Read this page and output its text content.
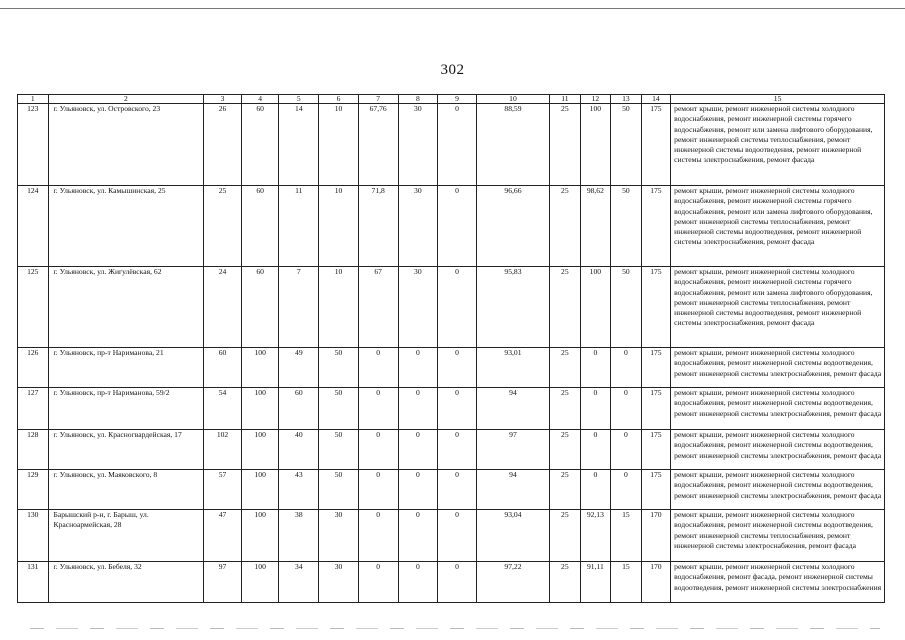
302
1	2	3	4	5	6	7	8	9	10	11	12	13	14	15
123	г. Ульяновск, ул. Островского, 23	26	60	14	10	67,76	30	0	88,59	25	100	50	175	ремонт крыши, ремонт инженерной системы холодного водоснабжения, ремонт инженерной системы горячего водоснабжения, ремонт или замена лифтового оборудования, ремонт инженерной системы теплоснабжения, ремонт инженерной системы водоотведения, ремонт инженерной системы электроснабжения, ремонт фасада
124	г. Ульяновск, ул. Камышинская, 25	25	60	11	10	71,8	30	0	96,66	25	98,62	50	175	ремонт крыши, ремонт инженерной системы холодного водоснабжения, ремонт инженерной системы горячего водоснабжения, ремонт или замена лифтового оборудования, ремонт инженерной системы теплоснабжения, ремонт инженерной системы водоотведения, ремонт инженерной системы электроснабжения, ремонт фасада
125	г. Ульяновск, ул. Жигулёвская, 62	24	60	7	10	67	30	0	95,83	25	100	50	175	ремонт крыши, ремонт инженерной системы холодного водоснабжения, ремонт инженерной системы горячего водоснабжения, ремонт или замена лифтового оборудования, ремонт инженерной системы теплоснабжения, ремонт инженерной системы водоотведения, ремонт инженерной системы электроснабжения, ремонт фасада
126	г. Ульяновск, пр-т Нариманова, 21	60	100	49	50	0	0	0	93,01	25	0	0	175	ремонт крыши, ремонт инженерной системы холодного водоснабжения, ремонт инженерной системы водоотведения, ремонт инженерной системы электроснабжения, ремонт фасада
127	г. Ульяновск, пр-т Нариманова, 59/2	54	100	60	50	0	0	0	94	25	0	0	175	ремонт крыши, ремонт инженерной системы холодного водоснабжения, ремонт инженерной системы водоотведения, ремонт инженерной системы электроснабжения, ремонт фасада
128	г. Ульяновск, ул. Красногвардейская, 17	102	100	40	50	0	0	0	97	25	0	0	175	ремонт крыши, ремонт инженерной системы холодного водоснабжения, ремонт инженерной системы водоотведения, ремонт инженерной системы электроснабжения, ремонт фасада
129	г. Ульяновск, ул. Маяковского, 8	57	100	43	50	0	0	0	94	25	0	0	175	ремонт крыши, ремонт инженерной системы холодного водоснабжения, ремонт инженерной системы водоотведения, ремонт инженерной системы электроснабжения, ремонт фасада
130	Барышский р-н, г. Барыш, ул. Красноармейская, 28	47	100	38	30	0	0	0	93,04	25	92,13	15	170	ремонт крыши, ремонт инженерной системы холодного водоснабжения, ремонт инженерной системы водоотведения, ремонт инженерной системы теплоснабжения, ремонт инженерной системы электроснабжения, ремонт фасада
131	г. Ульяновск, ул. Бебеля, 32	97	100	34	30	0	0	0	97,22	25	91,11	15	170	ремонт крыши, ремонт инженерной системы холодного водоснабжения, ремонт фасада, ремонт инженерной системы водоотведения, ремонт инженерной системы электроснабжения
